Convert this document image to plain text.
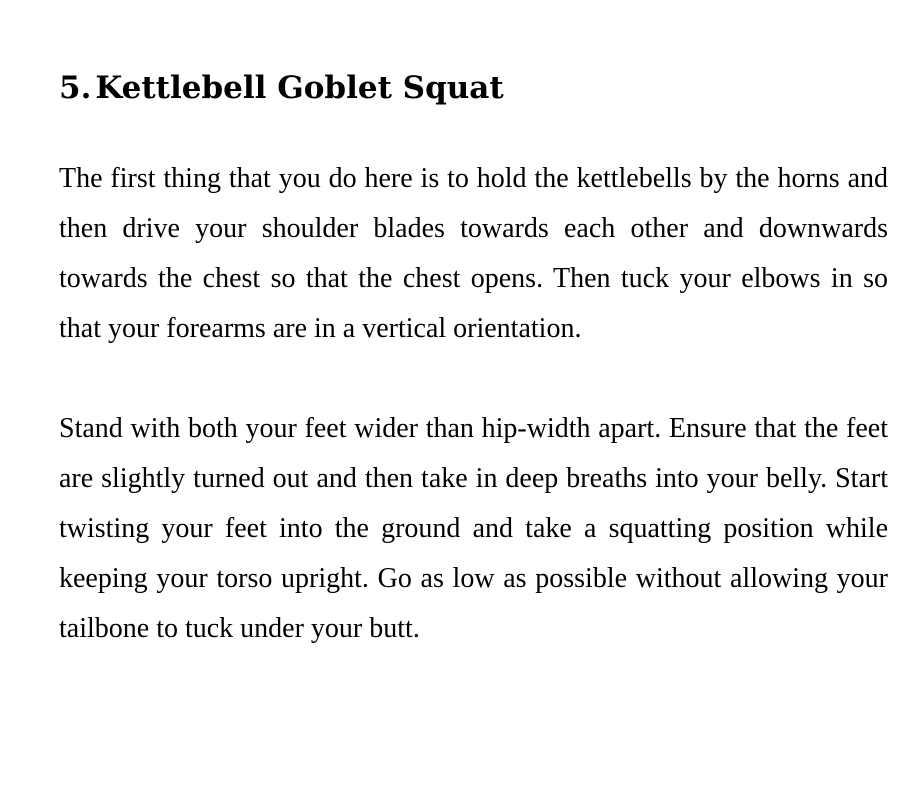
5. Kettlebell Goblet Squat

The first thing that you do here is to hold the kettlebells by the horns and then drive your shoulder blades towards each other and downwards towards the chest so that the chest opens. Then tuck your elbows in so that your forearms are in a vertical orientation.

Stand with both your feet wider than hip-width apart. Ensure that the feet are slightly turned out and then take in deep breaths into your belly. Start twisting your feet into the ground and take a squatting position while keeping your torso upright. Go as low as possible without allowing your tailbone to tuck under your butt.
